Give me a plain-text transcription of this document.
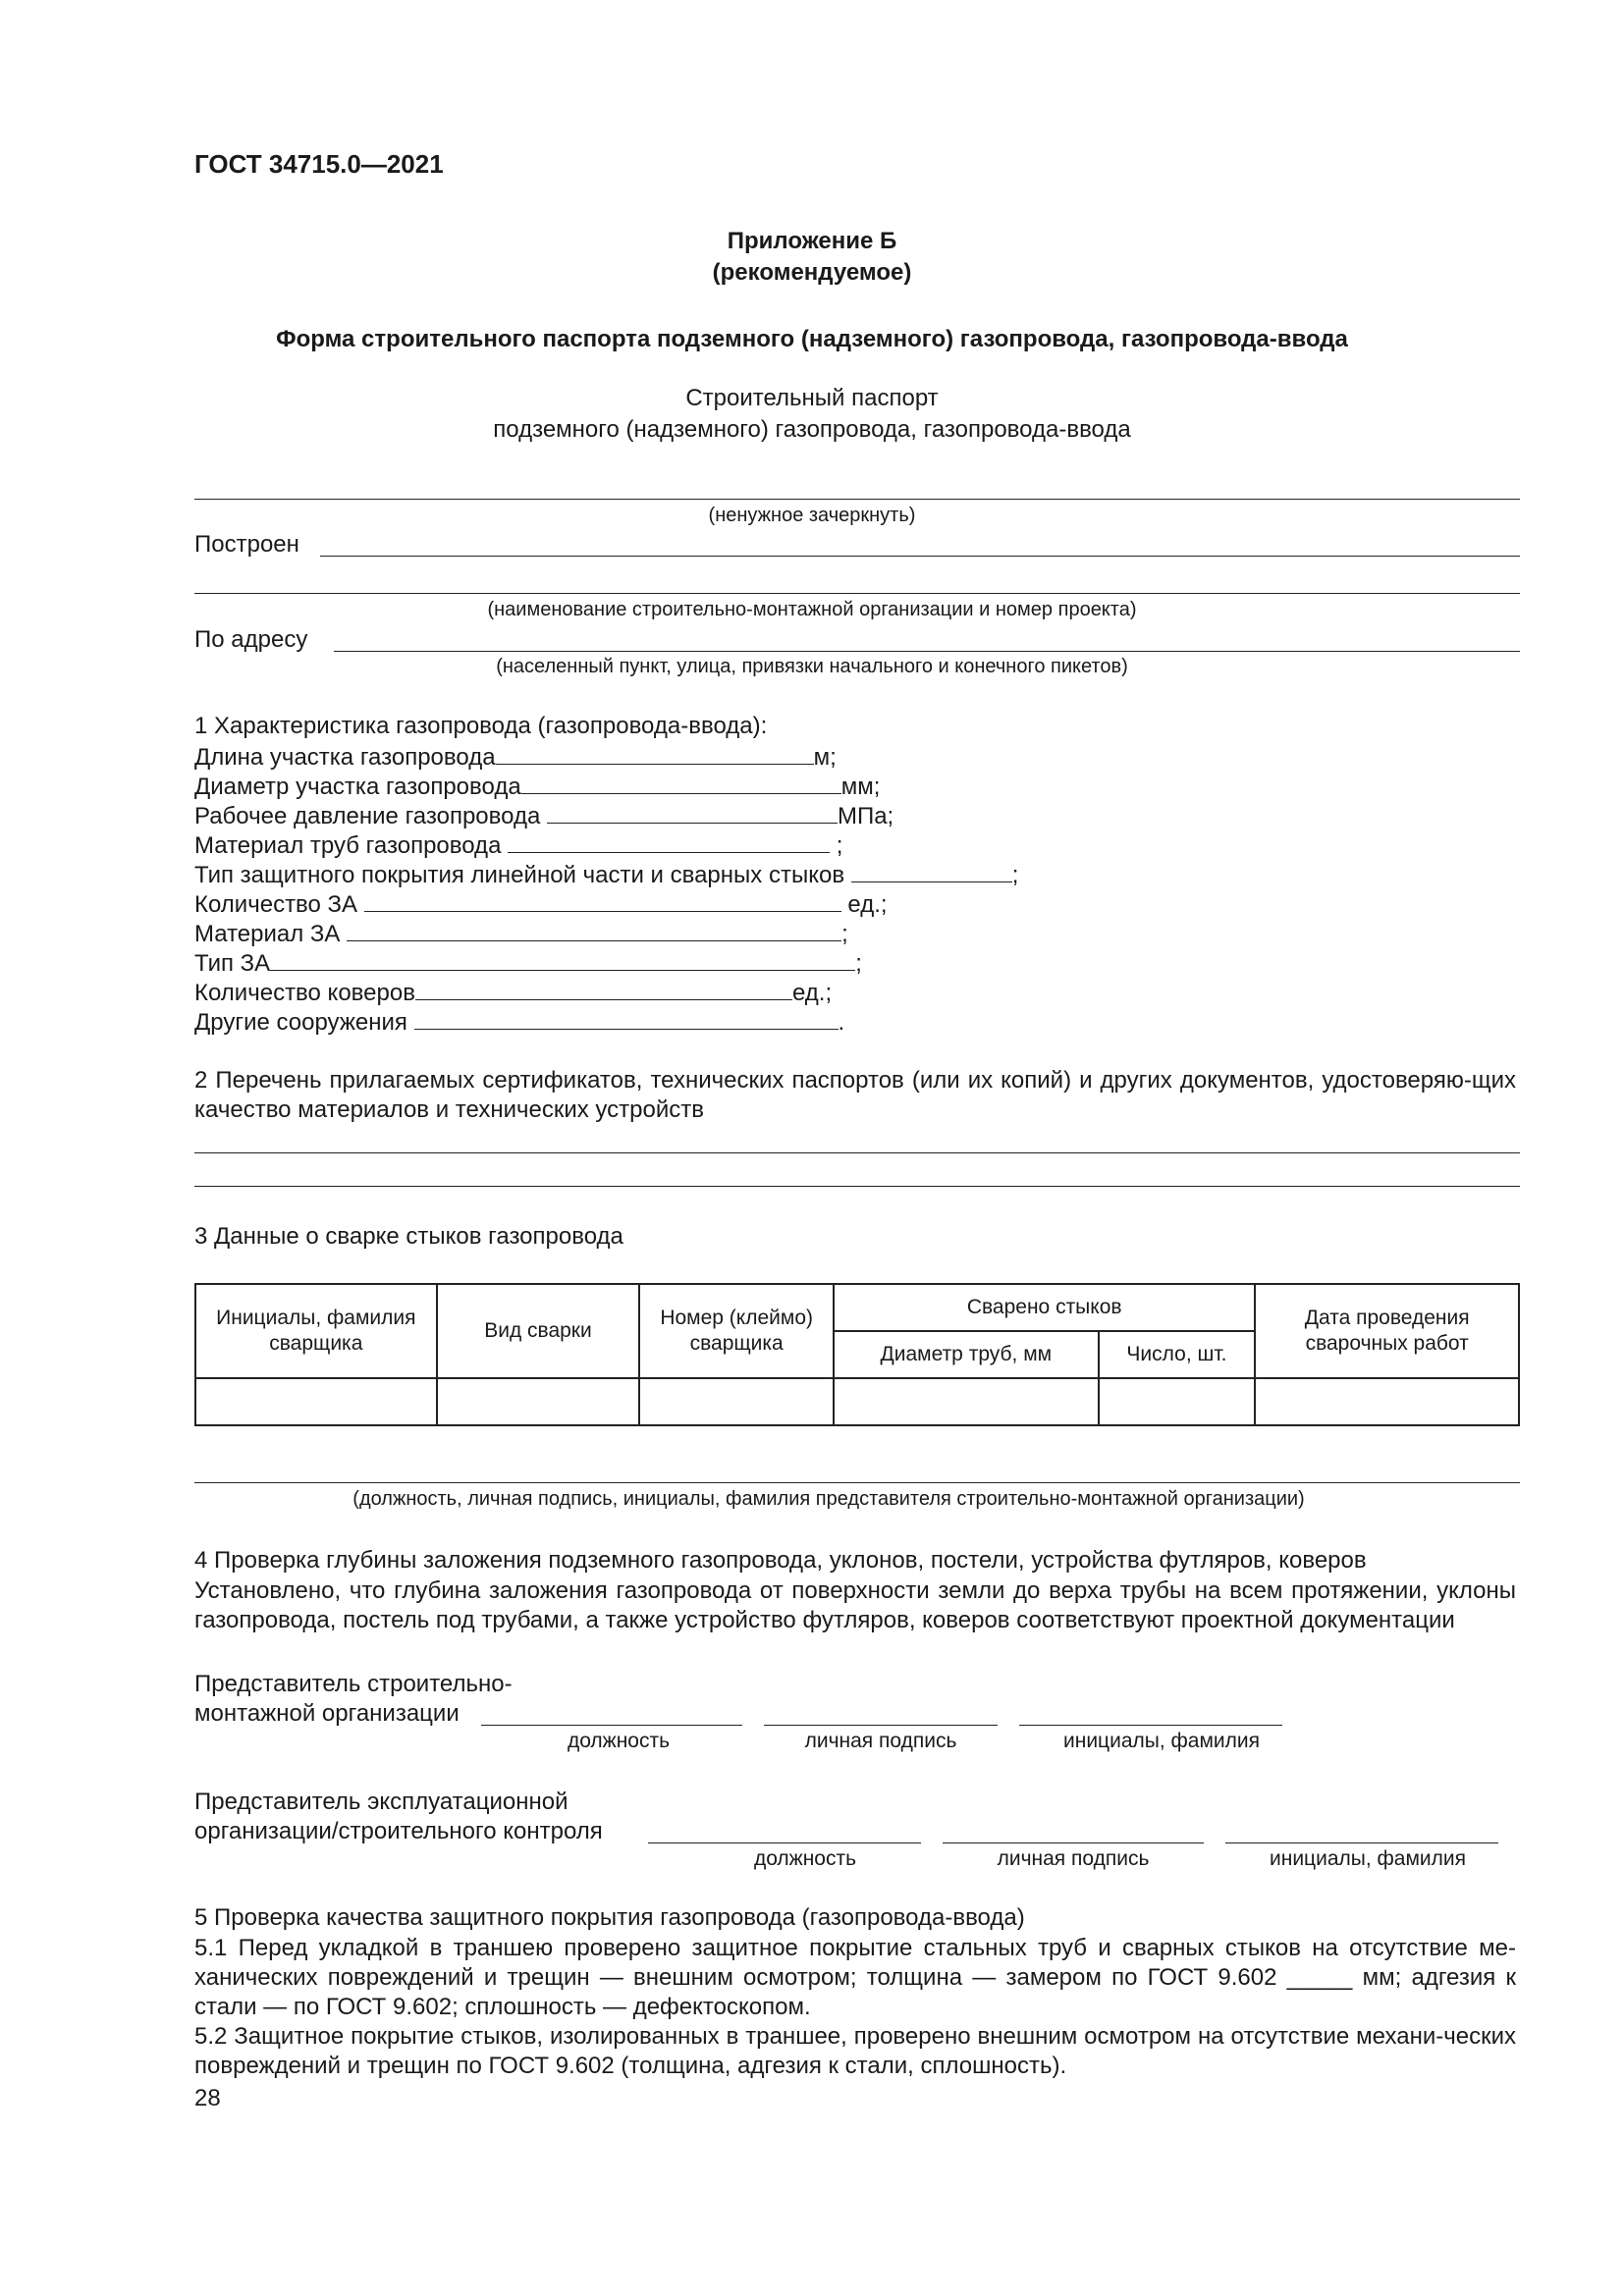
ГОСТ 34715.0—2021
Приложение Б
(рекомендуемое)
Форма строительного паспорта подземного (надземного) газопровода, газопровода-ввода
Строительный паспорт
подземного (надземного) газопровода, газопровода-ввода
(ненужное зачеркнуть)
Построен
(наименование строительно-монтажной организации и номер проекта)
По адресу
(населенный пункт, улица, привязки начального и конечного пикетов)
1 Характеристика газопровода (газопровода-ввода):
Длина участка газопровода	м;
Диаметр участка газопровода	мм;
Рабочее давление газопровода	МПа;
Материал труб газопровода	;
Тип защитного покрытия линейной части и сварных стыков	;
Количество ЗА	ед.;
Материал ЗА	;
Тип ЗА	;
Количество коверов	ед.;
Другие сооружения	.
2 Перечень прилагаемых сертификатов, технических паспортов (или их копий) и других документов, удостоверяю-щих качество материалов и технических устройств
3 Данные о сварке стыков газопровода
Инициалы, фамилия сварщика	Вид сварки	Номер (клеймо) сварщика	Сварено стыков		Дата проведения сварочных работ
			Диаметр труб, мм	Число, шт.	

(должность, личная подпись, инициалы, фамилия представителя строительно-монтажной организации)
4 Проверка глубины заложения подземного газопровода, уклонов, постели, устройства футляров, коверов
Установлено, что глубина заложения газопровода от поверхности земли до верха трубы на всем протяжении, уклоны газопровода, постель под трубами, а также устройство футляров, коверов соответствуют проектной документации
Представитель строительно-
монтажной организации
должность	личная подпись	инициалы, фамилия
Представитель эксплуатационной
организации/строительного контроля
должность	личная подпись	инициалы, фамилия
5 Проверка качества защитного покрытия газопровода (газопровода-ввода)
5.1 Перед укладкой в траншею проверено защитное покрытие стальных труб и сварных стыков на отсутствие ме-ханических повреждений и трещин — внешним осмотром; толщина — замером по ГОСТ 9.602 _____ мм; адгезия к стали — по ГОСТ 9.602; сплошность — дефектоскопом.
5.2 Защитное покрытие стыков, изолированных в траншее, проверено внешним осмотром на отсутствие механи-ческих повреждений и трещин по ГОСТ 9.602 (толщина, адгезия к стали, сплошность).
28
